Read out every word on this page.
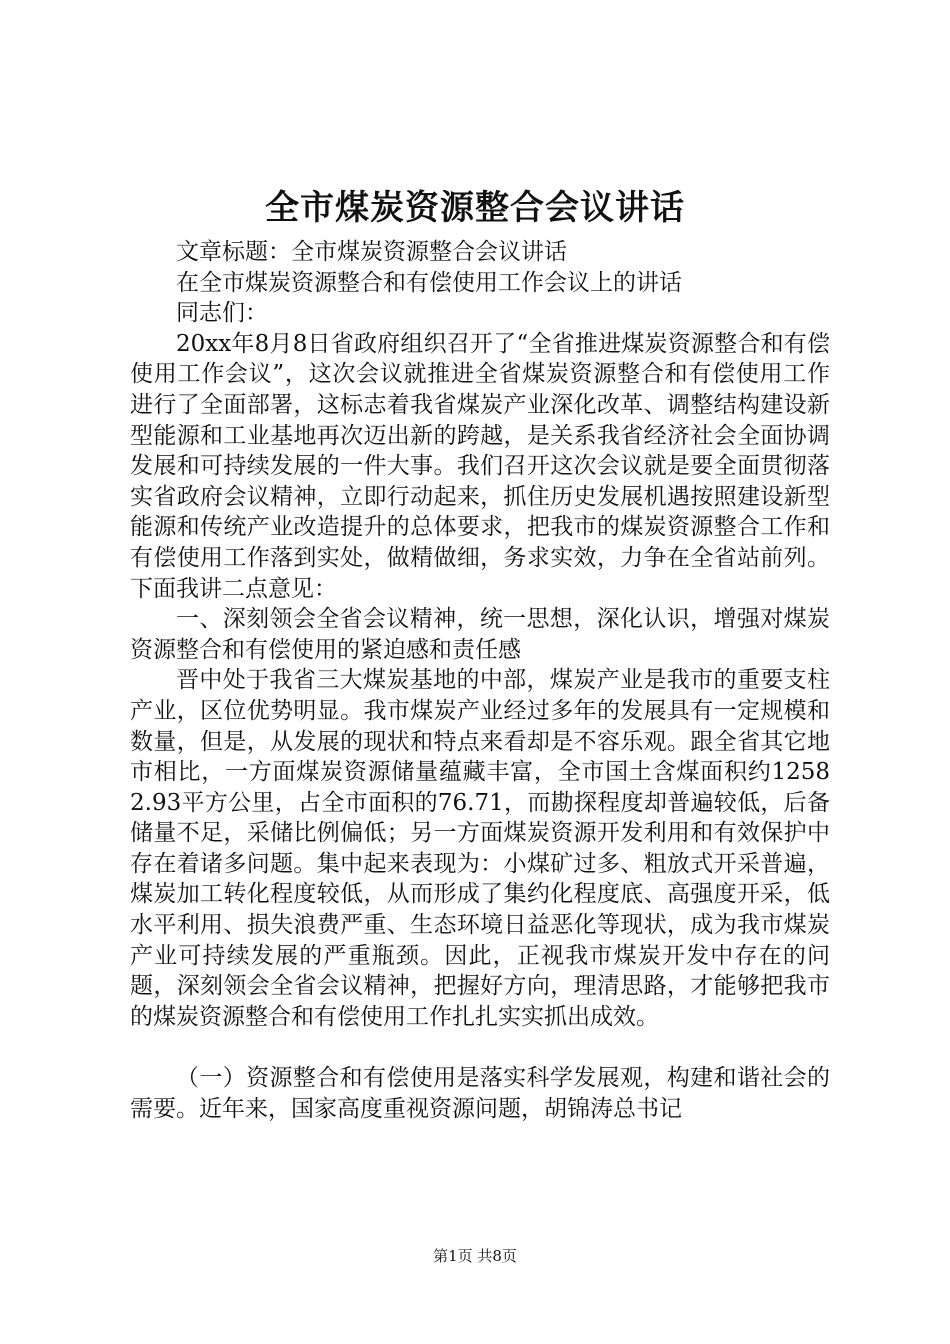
全市煤炭资源整合会议讲话

文章标题：全市煤炭资源整合会议讲话

在全市煤炭资源整合和有偿使用工作会议上的讲话

同志们：

20xx年8月8日省政府组织召开了“全省推进煤炭资源整合和有偿使用工作会议”，这次会议就推进全省煤炭资源整合和有偿使用工作进行了全面部署，这标志着我省煤炭产业深化改革、调整结构建设新型能源和工业基地再次迈出新的跨越，是关系我省经济社会全面协调发展和可持续发展的一件大事。我们召开这次会议就是要全面贯彻落实省政府会议精神，立即行动起来，抓住历史发展机遇按照建设新型能源和传统产业改造提升的总体要求，把我市的煤炭资源整合工作和有偿使用工作落到实处，做精做细，务求实效，力争在全省站前列。下面我讲二点意见：

一、深刻领会全省会议精神，统一思想，深化认识，增强对煤炭资源整合和有偿使用的紧迫感和责任感

晋中处于我省三大煤炭基地的中部，煤炭产业是我市的重要支柱产业，区位优势明显。我市煤炭产业经过多年的发展具有一定规模和数量，但是，从发展的现状和特点来看却是不容乐观。跟全省其它地市相比，一方面煤炭资源储量蕴藏丰富，全市国土含煤面积约12582.93平方公里，占全市面积的76.71，而勘探程度却普遍较低，后备储量不足，采储比例偏低；另一方面煤炭资源开发利用和有效保护中存在着诸多问题。集中起来表现为：小煤矿过多、粗放式开采普遍，煤炭加工转化程度较低，从而形成了集约化程度底、高强度开采，低水平利用、损失浪费严重、生态环境日益恶化等现状，成为我市煤炭产业可持续发展的严重瓶颈。因此，正视我市煤炭开发中存在的问题，深刻领会全省会议精神，把握好方向，理清思路，才能够把我市的煤炭资源整合和有偿使用工作扎扎实实抓出成效。

（一）资源整合和有偿使用是落实科学发展观，构建和谐社会的需要。近年来，国家高度重视资源问题，胡锦涛总书记

第1页 共8页
